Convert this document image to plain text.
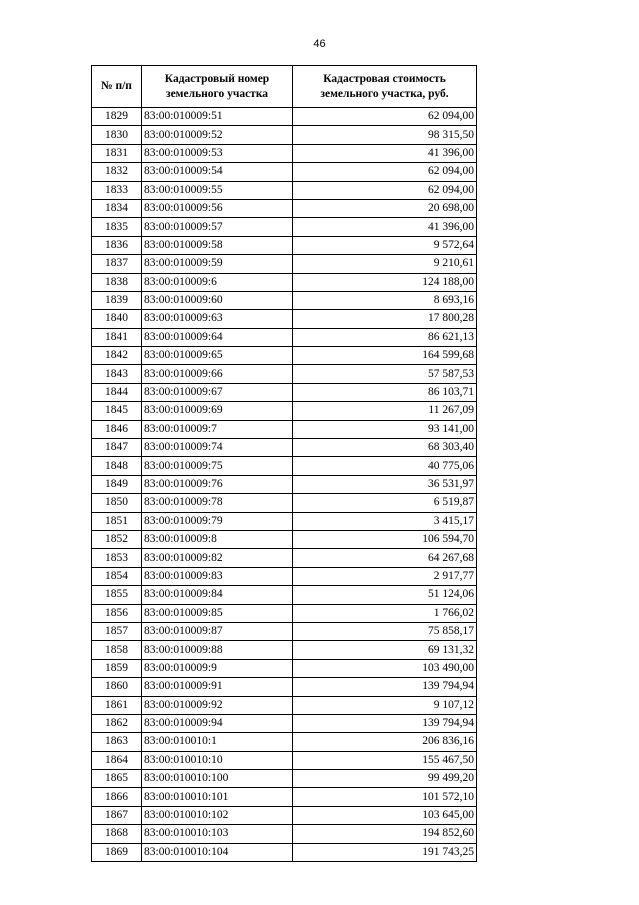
46
№ п/п	Кадастровый номер земельного участка	Кадастровая стоимость земельного участка, руб.
1829	83:00:010009:51	62 094,00
1830	83:00:010009:52	98 315,50
1831	83:00:010009:53	41 396,00
1832	83:00:010009:54	62 094,00
1833	83:00:010009:55	62 094,00
1834	83:00:010009:56	20 698,00
1835	83:00:010009:57	41 396,00
1836	83:00:010009:58	9 572,64
1837	83:00:010009:59	9 210,61
1838	83:00:010009:6	124 188,00
1839	83:00:010009:60	8 693,16
1840	83:00:010009:63	17 800,28
1841	83:00:010009:64	86 621,13
1842	83:00:010009:65	164 599,68
1843	83:00:010009:66	57 587,53
1844	83:00:010009:67	86 103,71
1845	83:00:010009:69	11 267,09
1846	83:00:010009:7	93 141,00
1847	83:00:010009:74	68 303,40
1848	83:00:010009:75	40 775,06
1849	83:00:010009:76	36 531,97
1850	83:00:010009:78	6 519,87
1851	83:00:010009:79	3 415,17
1852	83:00:010009:8	106 594,70
1853	83:00:010009:82	64 267,68
1854	83:00:010009:83	2 917,77
1855	83:00:010009:84	51 124,06
1856	83:00:010009:85	1 766,02
1857	83:00:010009:87	75 858,17
1858	83:00:010009:88	69 131,32
1859	83:00:010009:9	103 490,00
1860	83:00:010009:91	139 794,94
1861	83:00:010009:92	9 107,12
1862	83:00:010009:94	139 794,94
1863	83:00:010010:1	206 836,16
1864	83:00:010010:10	155 467,50
1865	83:00:010010:100	99 499,20
1866	83:00:010010:101	101 572,10
1867	83:00:010010:102	103 645,00
1868	83:00:010010:103	194 852,60
1869	83:00:010010:104	191 743,25
